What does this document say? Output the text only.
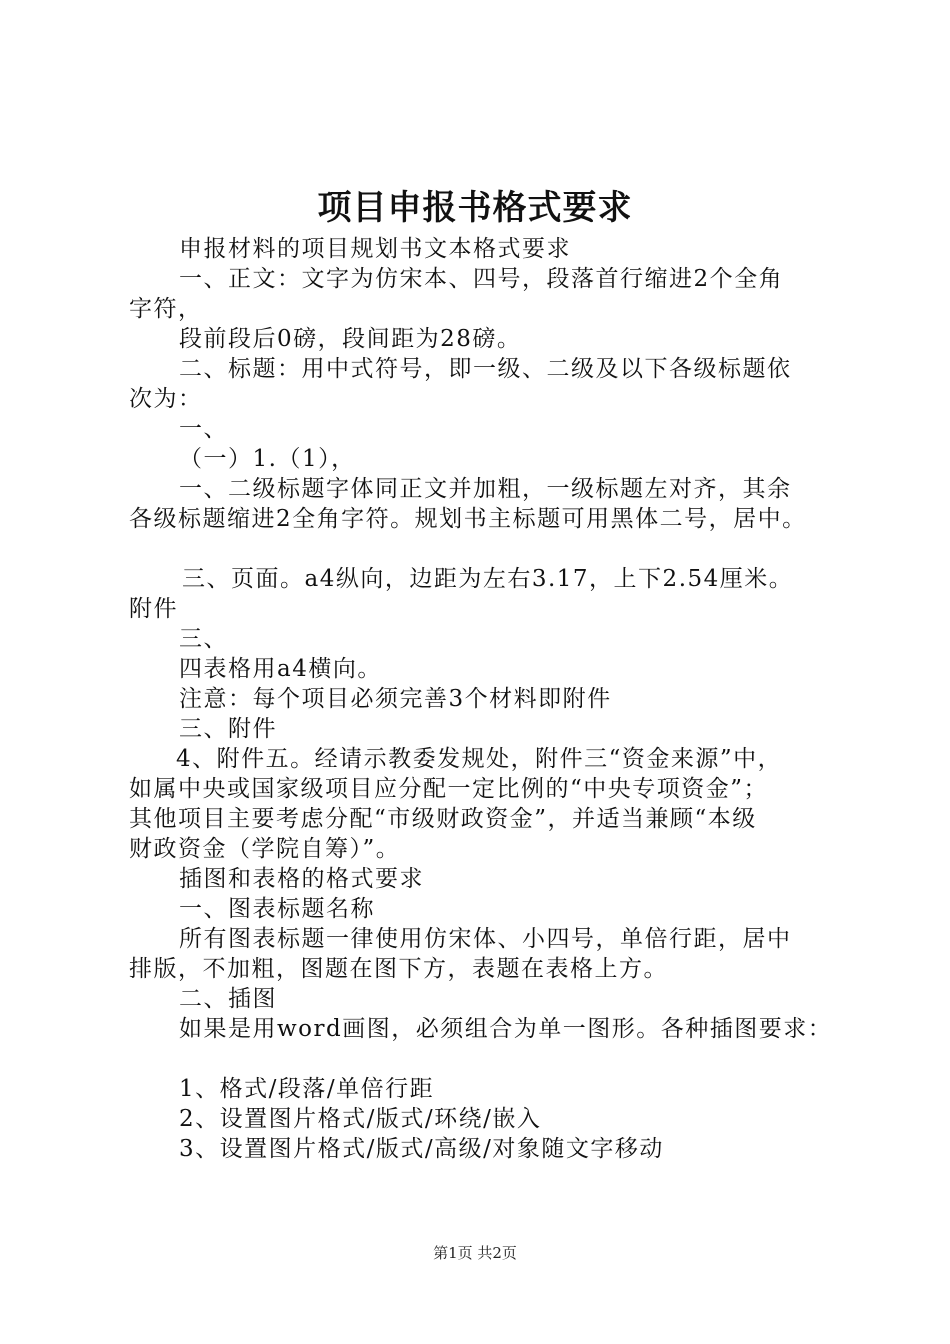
项目申报书格式要求

申报材料的项目规划书文本格式要求

一、正文：文字为仿宋本、四号，段落首行缩进2个全角

字符，

段前段后0磅，段间距为28磅。

二、标题：用中式符号，即一级、二级及以下各级标题依

次为：

一、

（一）1.（1），

一、二级标题字体同正文并加粗，一级标题左对齐，其余

各级标题缩进2全角字符。规划书主标题可用黑体二号，居中。

三、页面。a4纵向，边距为左右3.17，上下2.54厘米。

附件

三、

四表格用a4横向。

注意：每个项目必须完善3个材料即附件

三、附件

4、附件五。经请示教委发规处，附件三“资金来源”中，

如属中央或国家级项目应分配一定比例的“中央专项资金”；

其他项目主要考虑分配“市级财政资金”，并适当兼顾“本级

财政资金（学院自筹）”。

插图和表格的格式要求

一、图表标题名称

所有图表标题一律使用仿宋体、小四号，单倍行距，居中

排版，不加粗，图题在图下方，表题在表格上方。

二、插图

如果是用word画图，必须组合为单一图形。各种插图要求：

1、格式/段落/单倍行距

2、设置图片格式/版式/环绕/嵌入

3、设置图片格式/版式/高级/对象随文字移动

第1页 共2页
